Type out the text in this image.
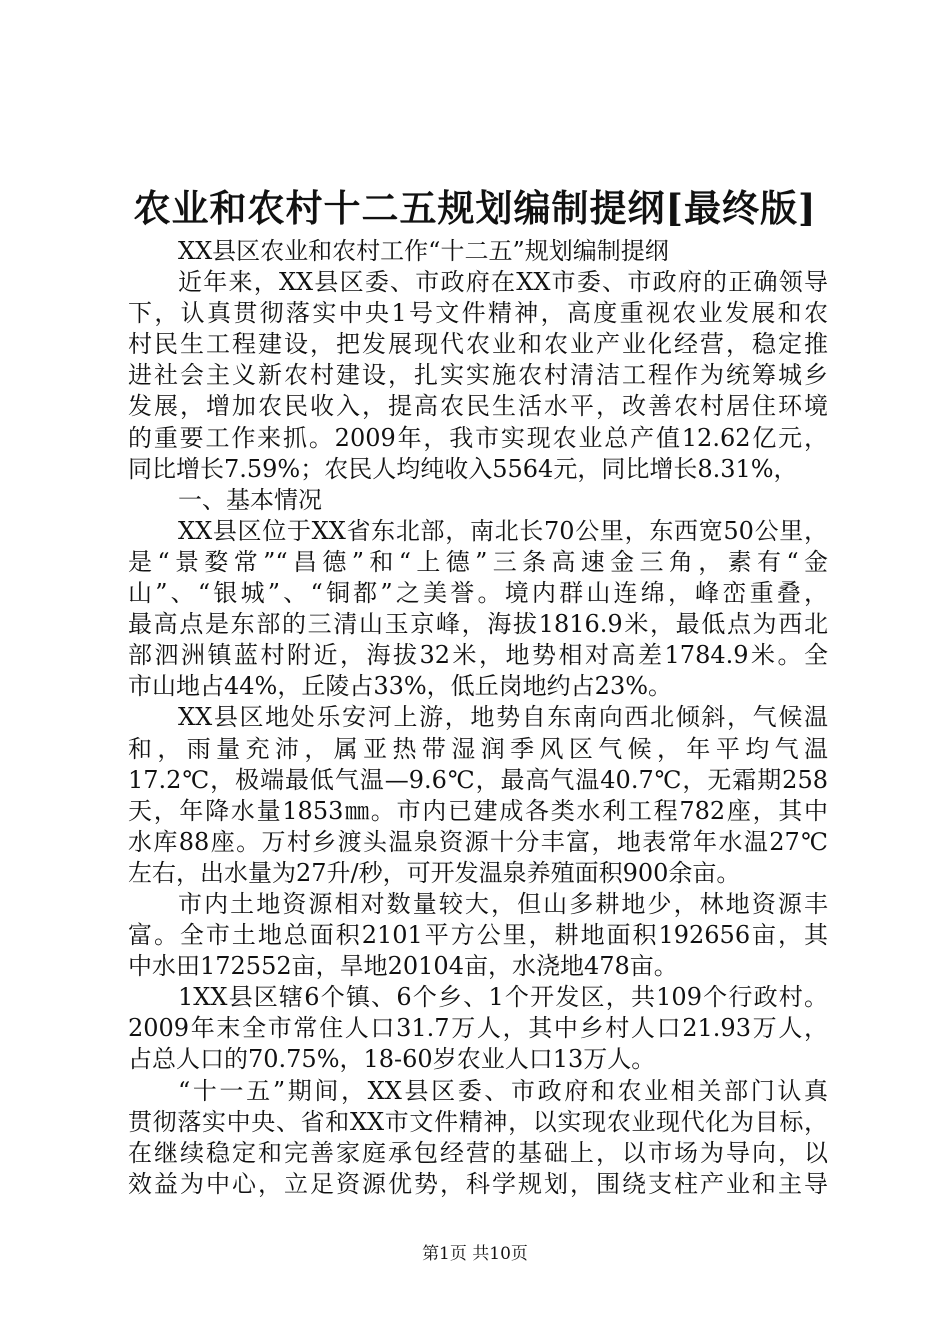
农业和农村十二五规划编制提纲[最终版]
XX县区农业和农村工作“十二五”规划编制提纲
近年来，XX县区委、市政府在XX市委、市政府的正确领导
下，认真贯彻落实中央1号文件精神，高度重视农业发展和农
村民生工程建设，把发展现代农业和农业产业化经营，稳定推
进社会主义新农村建设，扎实实施农村清洁工程作为统筹城乡
发展，增加农民收入，提高农民生活水平，改善农村居住环境
的重要工作来抓。2009年，我市实现农业总产值12.62亿元，
同比增长7.59%；农民人均纯收入5564元，同比增长8.31%，
一、基本情况
XX县区位于XX省东北部，南北长70公里，东西宽50公里，
是“景婺常”“昌德”和“上德”三条高速金三角，素有“金
山”、“银城”、“铜都”之美誉。境内群山连绵，峰峦重叠，
最高点是东部的三清山玉京峰，海拔1816.9米，最低点为西北
部泗洲镇蓝村附近，海拔32米，地势相对高差1784.9米。全
市山地占44%，丘陵占33%，低丘岗地约占23%。
XX县区地处乐安河上游，地势自东南向西北倾斜，气候温
和，雨量充沛，属亚热带湿润季风区气候，年平均气温
17.2℃，极端最低气温—9.6℃，最高气温40.7℃，无霜期258
天，年降水量1853㎜。市内已建成各类水利工程782座，其中
水库88座。万村乡渡头温泉资源十分丰富，地表常年水温27℃
左右，出水量为27升/秒，可开发温泉养殖面积900余亩。
市内土地资源相对数量较大，但山多耕地少，林地资源丰
富。全市土地总面积2101平方公里，耕地面积192656亩，其
中水田172552亩，旱地20104亩，水浇地478亩。
1XX县区辖6个镇、6个乡、1个开发区，共109个行政村。
2009年末全市常住人口31.7万人，其中乡村人口21.93万人，
占总人口的70.75%，18-60岁农业人口13万人。
“十一五”期间，XX县区委、市政府和农业相关部门认真
贯彻落实中央、省和XX市文件精神，以实现农业现代化为目标，
在继续稳定和完善家庭承包经营的基础上，以市场为导向，以
效益为中心，立足资源优势，科学规划，围绕支柱产业和主导
第1页 共10页
